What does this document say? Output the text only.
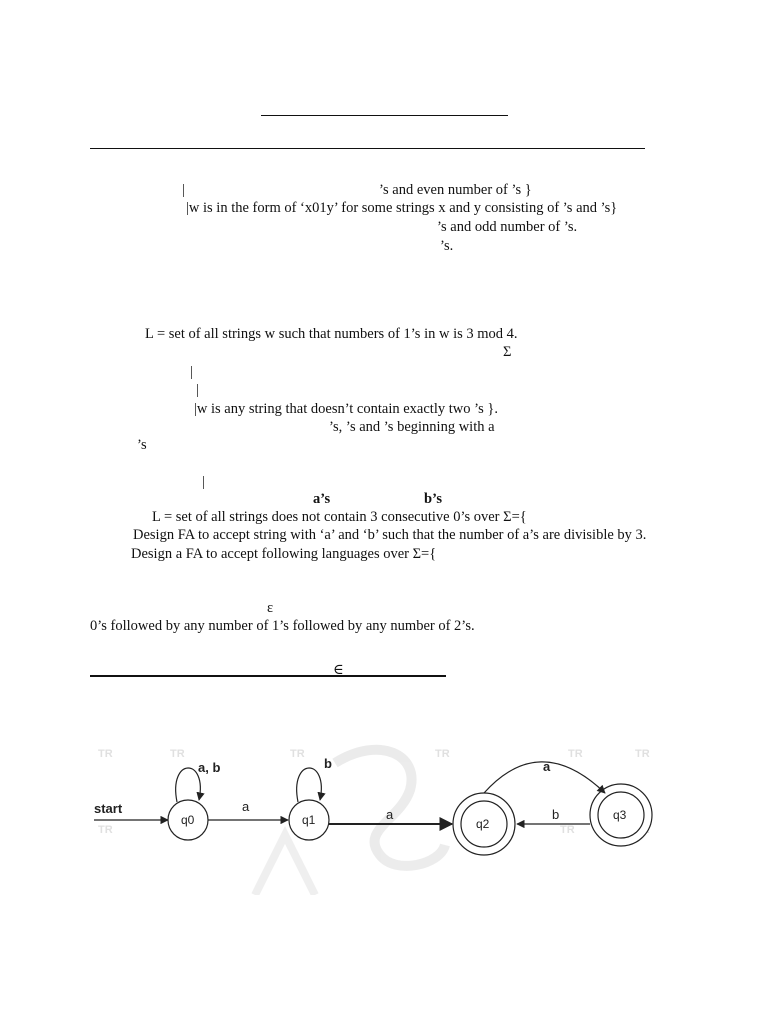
|	’s and even number of ’s }
|w is in the form of ‘x01y’ for some strings x and y consisting of ’s and ’s}
’s and odd number of ’s.
’s.
L = set of all strings w such that numbers of 1’s in w is 3 mod 4.
Σ
|
|
|w is any string that doesn’t contain exactly two ’s }.
’s, ’s and ’s beginning with a
’s
|
a’s	b’s
L = set of all strings does not contain 3 consecutive 0’s over Σ={
Design FA to accept string with ‘a’ and ‘b’ such that the number of a’s are divisible by 3.
Design a FA to accept following languages over Σ={
ε
0’s followed by any number of 1’s followed by any number of 2’s.
∈
TR	TR	TR	TR	TR	TR
TR	TR
start
q0
a, b
a
q1
b
a
q2
q3
a
b
